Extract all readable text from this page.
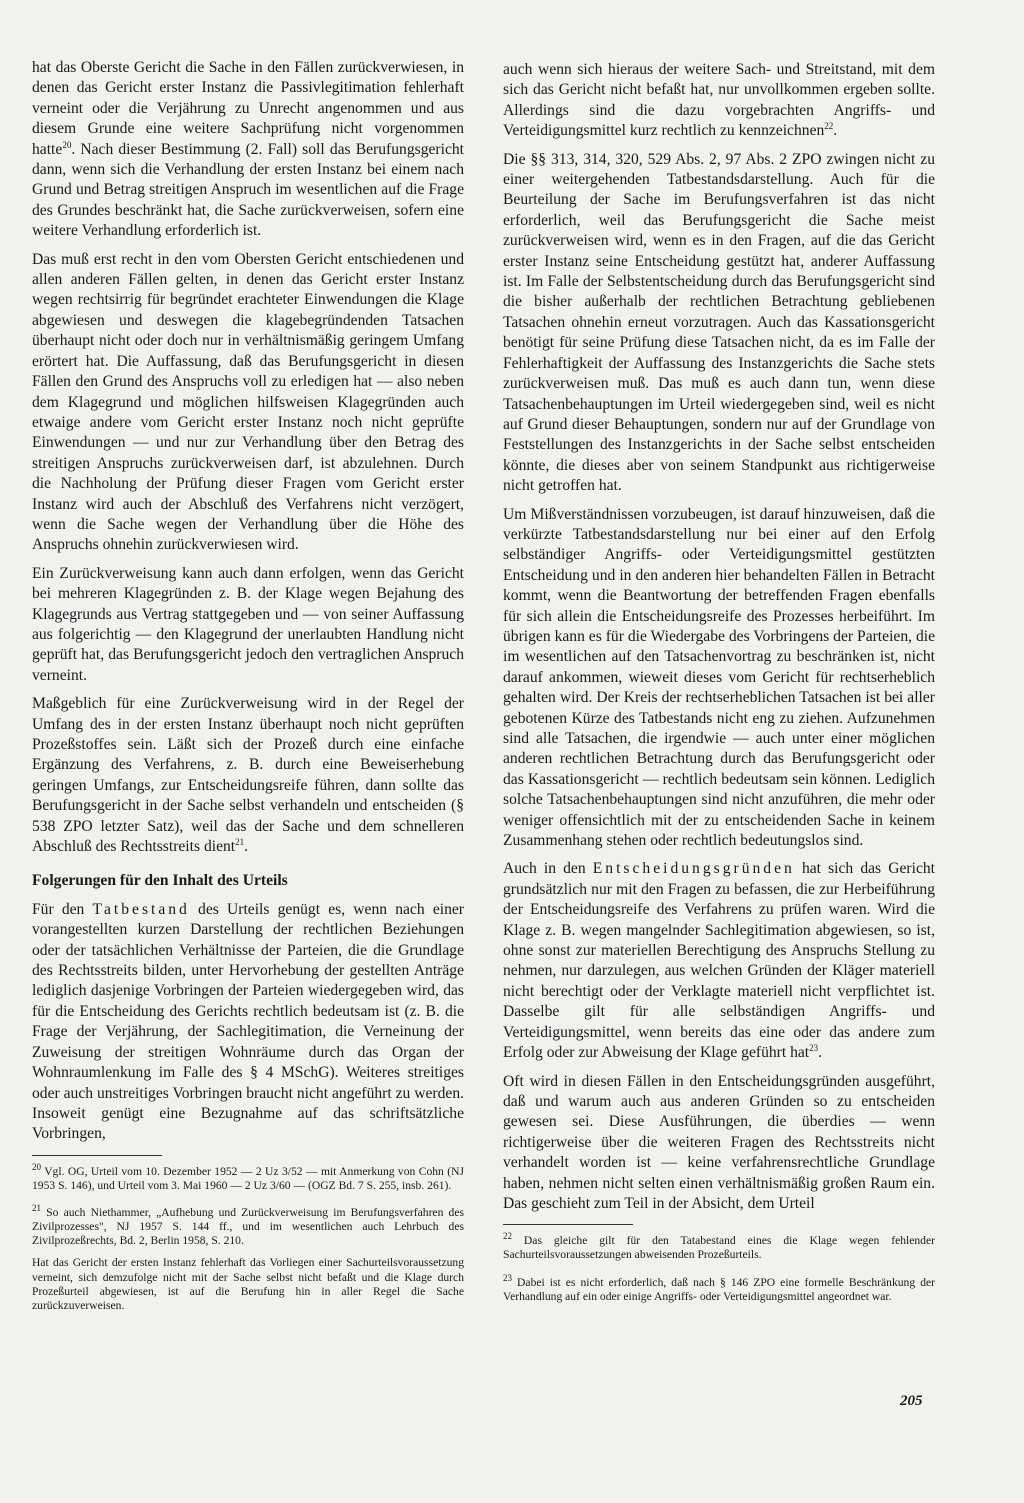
hat das Oberste Gericht die Sache in den Fällen zurückverwiesen, in denen das Gericht erster Instanz die Passivlegitimation fehlerhaft verneint oder die Verjährung zu Unrecht angenommen und aus diesem Grunde eine weitere Sachprüfung nicht vorgenommen hatte$^{20}$. Nach dieser Bestimmung (2. Fall) soll das Berufungsgericht dann, wenn sich die Verhandlung der ersten Instanz bei einem nach Grund und Betrag streitigen Anspruch im wesentlichen auf die Frage des Grundes beschränkt hat, die Sache zurückverweisen, sofern eine weitere Verhandlung erforderlich ist.

Das muß erst recht in den vom Obersten Gericht entschiedenen und allen anderen Fällen gelten, in denen das Gericht erster Instanz wegen rechtsirrig für begründet erachteter Einwendungen die Klage abgewiesen und deswegen die klagebegründenden Tatsachen überhaupt nicht oder doch nur in verhältnismäßig geringem Umfang erörtert hat. Die Auffassung, daß das Berufungsgericht in diesen Fällen den Grund des Anspruchs voll zu erledigen hat — also neben dem Klagegrund und möglichen hilfsweisen Klagegründen auch etwaige andere vom Gericht erster Instanz noch nicht geprüfte Einwendungen — und nur zur Verhandlung über den Betrag des streitigen Anspruchs zurückverweisen darf, ist abzulehnen. Durch die Nachholung der Prüfung dieser Fragen vom Gericht erster Instanz wird auch der Abschluß des Verfahrens nicht verzögert, wenn die Sache wegen der Verhandlung über die Höhe des Anspruchs ohnehin zurückverwiesen wird.

Ein Zurückverweisung kann auch dann erfolgen, wenn das Gericht bei mehreren Klagegründen z. B. der Klage wegen Bejahung des Klagegrunds aus Vertrag stattgegeben und — von seiner Auffassung aus folgerichtig — den Klagegrund der unerlaubten Handlung nicht geprüft hat, das Berufungsgericht jedoch den vertraglichen Anspruch verneint.

Maßgeblich für eine Zurückverweisung wird in der Regel der Umfang des in der ersten Instanz überhaupt noch nicht geprüften Prozeßstoffes sein. Läßt sich der Prozeß durch eine einfache Ergänzung des Verfahrens, z. B. durch eine Beweiserhebung geringen Umfangs, zur Entscheidungsreife führen, dann sollte das Berufungsgericht in der Sache selbst verhandeln und entscheiden (§ 538 ZPO letzter Satz), weil das der Sache und dem schnelleren Abschluß des Rechtsstreits dient$^{21}$.

Folgerungen für den Inhalt des Urteils

Für den Tatbestand des Urteils genügt es, wenn nach einer vorangestellten kurzen Darstellung der rechtlichen Beziehungen oder der tatsächlichen Verhältnisse der Parteien, die die Grundlage des Rechtsstreits bilden, unter Hervorhebung der gestellten Anträge lediglich dasjenige Vorbringen der Parteien wiedergegeben wird, das für die Entscheidung des Gerichts rechtlich bedeutsam ist (z. B. die Frage der Verjährung, der Sachlegitimation, die Verneinung der Zuweisung der streitigen Wohnräume durch das Organ der Wohnraumlenkung im Falle des § 4 MSchG). Weiteres streitiges oder auch unstreitiges Vorbringen braucht nicht angeführt zu werden. Insoweit genügt eine Bezugnahme auf das schriftsätzliche Vorbringen,

$^{20}$ Vgl. OG, Urteil vom 10. Dezember 1952 — 2 Uz 3/52 — mit Anmerkung von Cohn (NJ 1953 S. 146), und Urteil vom 3. Mai 1960 — 2 Uz 3/60 — (OGZ Bd. 7 S. 255, insb. 261).

$^{21}$ So auch Niethammer, „Aufhebung und Zurückverweisung im Berufungsverfahren des Zivilprozesses", NJ 1957 S. 144 ff., und im wesentlichen auch Lehrbuch des Zivilprozeßrechts, Bd. 2, Berlin 1958, S. 210.

Hat das Gericht der ersten Instanz fehlerhaft das Vorliegen einer Sachurteilsvoraussetzung verneint, sich demzufolge nicht mit der Sache selbst nicht befaßt und die Klage durch Prozeßurteil abgewiesen, ist auf die Berufung hin in aller Regel die Sache zurückzuverweisen.

auch wenn sich hieraus der weitere Sach- und Streitstand, mit dem sich das Gericht nicht befaßt hat, nur unvollkommen ergeben sollte. Allerdings sind die dazu vorgebrachten Angriffs- und Verteidigungsmittel kurz rechtlich zu kennzeichnen$^{22}$.

Die §§ 313, 314, 320, 529 Abs. 2, 97 Abs. 2 ZPO zwingen nicht zu einer weitergehenden Tatbestandsdarstellung. Auch für die Beurteilung der Sache im Berufungsverfahren ist das nicht erforderlich, weil das Berufungsgericht die Sache meist zurückverweisen wird, wenn es in den Fragen, auf die das Gericht erster Instanz seine Entscheidung gestützt hat, anderer Auffassung ist. Im Falle der Selbstentscheidung durch das Berufungsgericht sind die bisher außerhalb der rechtlichen Betrachtung gebliebenen Tatsachen ohnehin erneut vorzutragen. Auch das Kassationsgericht benötigt für seine Prüfung diese Tatsachen nicht, da es im Falle der Fehlerhaftigkeit der Auffassung des Instanzgerichts die Sache stets zurückverweisen muß. Das muß es auch dann tun, wenn diese Tatsachenbehauptungen im Urteil wiedergegeben sind, weil es nicht auf Grund dieser Behauptungen, sondern nur auf der Grundlage von Feststellungen des Instanzgerichts in der Sache selbst entscheiden könnte, die dieses aber von seinem Standpunkt aus richtigerweise nicht getroffen hat.

Um Mißverständnissen vorzubeugen, ist darauf hinzuweisen, daß die verkürzte Tatbestandsdarstellung nur bei einer auf den Erfolg selbständiger Angriffs- oder Verteidigungsmittel gestützten Entscheidung und in den anderen hier behandelten Fällen in Betracht kommt, wenn die Beantwortung der betreffenden Fragen ebenfalls für sich allein die Entscheidungsreife des Prozesses herbeiführt. Im übrigen kann es für die Wiedergabe des Vorbringens der Parteien, die im wesentlichen auf den Tatsachenvortrag zu beschränken ist, nicht darauf ankommen, wieweit dieses vom Gericht für rechtserheblich gehalten wird. Der Kreis der rechtserheblichen Tatsachen ist bei aller gebotenen Kürze des Tatbestands nicht eng zu ziehen. Aufzunehmen sind alle Tatsachen, die irgendwie — auch unter einer möglichen anderen rechtlichen Betrachtung durch das Berufungsgericht oder das Kassationsgericht — rechtlich bedeutsam sein können. Lediglich solche Tatsachenbehauptungen sind nicht anzuführen, die mehr oder weniger offensichtlich mit der zu entscheidenden Sache in keinem Zusammenhang stehen oder rechtlich bedeutungslos sind.

Auch in den Entscheidungsgründen hat sich das Gericht grundsätzlich nur mit den Fragen zu befassen, die zur Herbeiführung der Entscheidungsreife des Verfahrens zu prüfen waren. Wird die Klage z. B. wegen mangelnder Sachlegitimation abgewiesen, so ist, ohne sonst zur materiellen Berechtigung des Anspruchs Stellung zu nehmen, nur darzulegen, aus welchen Gründen der Kläger materiell nicht berechtigt oder der Verklagte materiell nicht verpflichtet ist. Dasselbe gilt für alle selbständigen Angriffs- und Verteidigungsmittel, wenn bereits das eine oder das andere zum Erfolg oder zur Abweisung der Klage geführt hat$^{23}$.

Oft wird in diesen Fällen in den Entscheidungsgründen ausgeführt, daß und warum auch aus anderen Gründen so zu entscheiden gewesen sei. Diese Ausführungen, die überdies — wenn richtigerweise über die weiteren Fragen des Rechtsstreits nicht verhandelt worden ist — keine verfahrensrechtliche Grundlage haben, nehmen nicht selten einen verhältnismäßig großen Raum ein. Das geschieht zum Teil in der Absicht, dem Urteil

$^{22}$ Das gleiche gilt für den Tatabestand eines die Klage wegen fehlender Sachurteilsvoraussetzungen abweisenden Prozeßurteils.

$^{23}$ Dabei ist es nicht erforderlich, daß nach § 146 ZPO eine formelle Beschränkung der Verhandlung auf ein oder einige Angriffs- oder Verteidigungsmittel angeordnet war.

205
